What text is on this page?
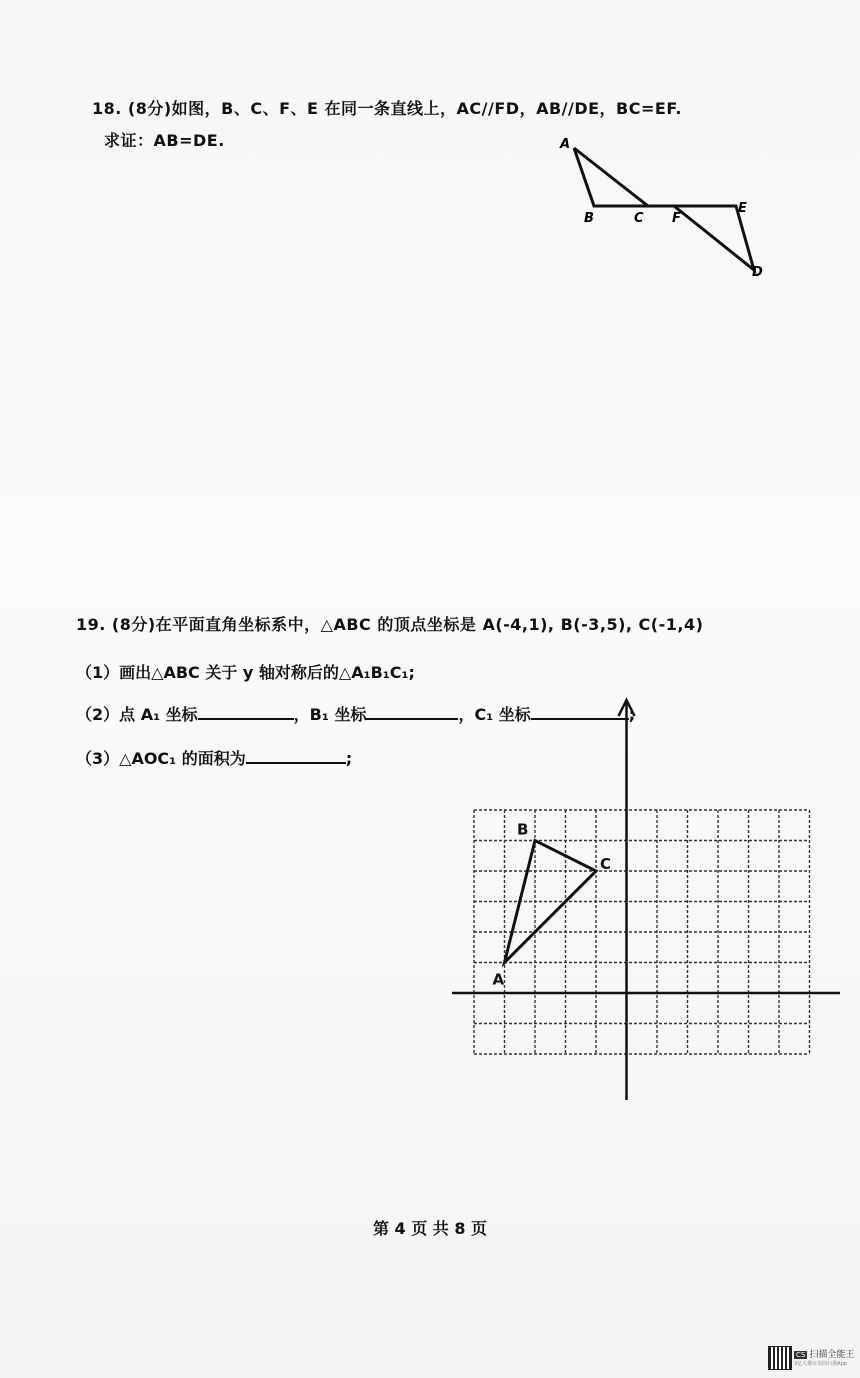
18. (8分)如图，B、C、F、E 在同一条直线上，AC//FD，AB//DE，BC=EF.
求证：AB=DE.	A
B	C F
E
D
19. (8分)在平面直角坐标系中，△ABC 的顶点坐标是 A(-4,1), B(-3,5), C(-1,4)
（1）画出△ABC 关于 y 轴对称后的△A₁B₁C₁;
（2）点 A₁ 坐标	，B₁ 坐标	，C₁ 坐标	;
（3）△AOC₁ 的面积为	;
A
B
C
第 4 页 共 8 页
CS 扫描全能王
3亿人都在用的扫描App
